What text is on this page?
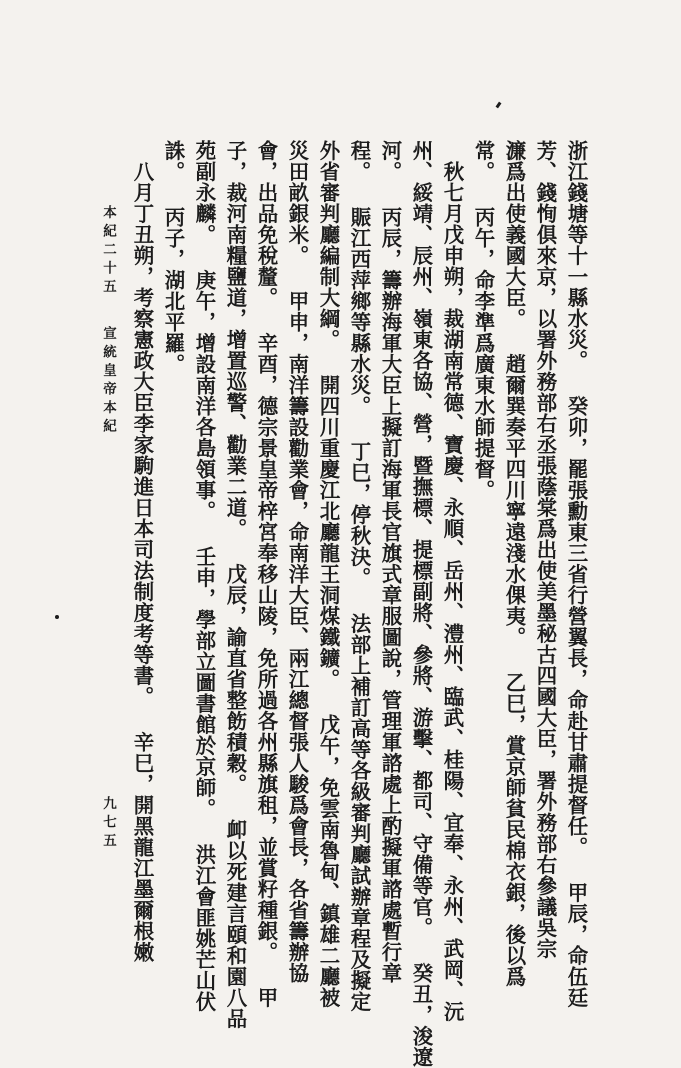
浙江錢塘等十一縣水災。 癸卯，罷張勳東三省行營翼長，命赴甘肅提督任。 甲辰，命伍廷
芳、錢恂俱來京，以署外務部右丞張蔭棠爲出使美墨秘古四國大臣，署外務部右參議吳宗
濂爲出使義國大臣。 趙爾巽奏平四川寧遠淺水倮夷。 乙巳，賞京師貧民棉衣銀，後以爲
常。 丙午，命李準爲廣東水師提督。
　秋七月戊申朔，裁湖南常德、寶慶、永順、岳州、澧州、臨武、桂陽、宜奉、永州、武岡、沅
州、綏靖、辰州、嶺東各協、營，暨撫標、提標副將、參將、游擊、都司、守備等官。 癸丑，浚遼
河。 丙辰，籌辦海軍大臣上擬訂海軍長官旗式章服圖說，管理軍諮處上酌擬軍諮處暫行章
程。 賑江西萍鄉等縣水災。 丁巳，停秋決。 法部上補訂高等各級審判廳試辦章程及擬定
外省審判廳編制大綱。 開四川重慶江北廳龍王洞煤鐵鑛。 戊午，免雲南魯甸、鎮雄二廳被
災田畝銀米。 甲申，南洋籌設勸業會，命南洋大臣、兩江總督張人駿爲會長，各省籌辦協
會，出品免稅釐。 辛酉，德宗景皇帝梓宮奉移山陵，免所過各州縣旗租，並賞籽種銀。 甲
子，裁河南糧鹽道，增置巡警、勸業二道。 戊辰，諭直省整飭積穀。 卹以死建言頤和園八品
苑副永麟。 庚午，增設南洋各島領事。 壬申，學部立圖書館於京師。 洪江會匪姚芒山伏
誅。 丙子，湖北平羅。
　八月丁丑朔，考察憲政大臣李家駒進日本司法制度考等書。 辛巳，開黑龍江墨爾根嫩
本紀二十五
宣統皇帝本紀
九七五
